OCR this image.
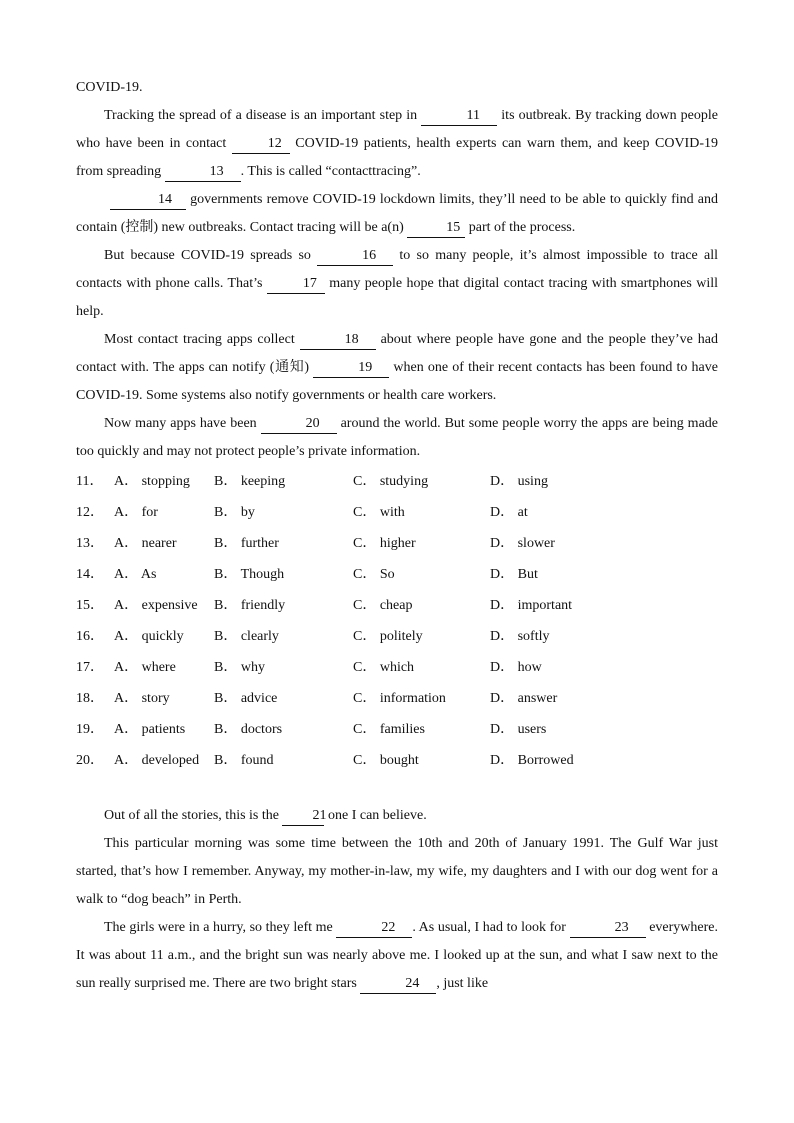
COVID-19.

Tracking the spread of a disease is an important step in	11 its outbreak. By tracking down people who have been in contact	12 COVID-19 patients, health experts can warn them, and keep COVID-19 from spreading	13 . This is called “contacttracing”.

14 governments remove COVID-19 lockdown limits, they’ll need to be able to quickly find and contain (控制) new outbreaks. Contact tracing will be a(n)	15 part of the process.

But because COVID-19 spreads so	16 to so many people, it’s almost impossible to trace all contacts with phone calls. That’s	17 many people hope that digital contact tracing with smartphones will help.

Most contact tracing apps collect	18 about where people have gone and the people they’ve had contact with. The apps can notify (通知)	19 when one of their recent contacts has been found to have COVID-19. Some systems also notify governments or health care workers.

Now many apps have been	20 around the world. But some people worry the apps are being made too quickly and may not protect people’s private information.

11． A． stopping B． keeping	C． studying	D． using
12． A． for	B． by	C． with	D． at
13． A． nearer	B． further	C． higher	D． slower
14． A． As	B． Though	C． So	D． But
15． A． expensive B． friendly	C． cheap	D． important
16． A． quickly B． clearly	C． politely	D． softly
17． A． where	B． why	C． which	D． how
18． A． story	B． advice	C． information	D． answer
19． A． patients B． doctors	C． families	D． users
20． A． developed B． found	C． bought	D． Borrowed

Out of all the stories, this is the 21 one I can believe.

This particular morning was some time between the 10th and 20th of January 1991. The Gulf War just started, that’s how I remember. Anyway, my mother-in-law, my wife, my daughters and I with our dog went for a walk to “dog beach” in Perth.

The girls were in a hurry, so they left me	22 . As usual, I had to look for	23 everywhere. It was about 11 a.m., and the bright sun was nearly above me. I looked up at the sun, and what I saw next to the sun really surprised me. There are two bright stars	24 , just like
